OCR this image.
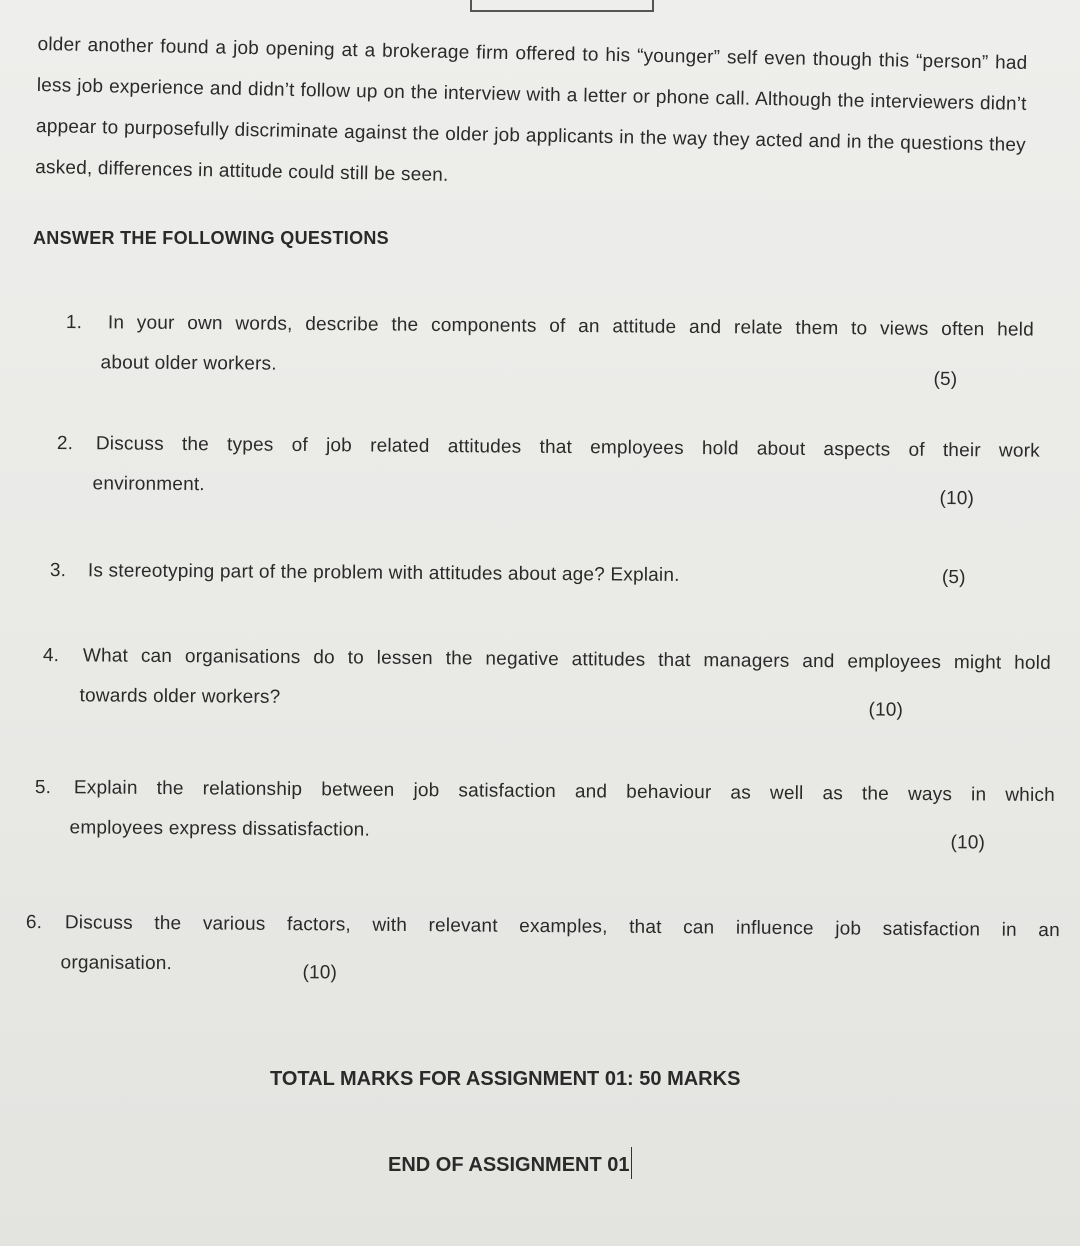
older another found a job opening at a brokerage firm offered to his “younger” self even though this “person” had less job experience and didn’t follow up on the interview with a letter or phone call. Although the interviewers didn’t appear to purposefully discriminate against the older job applicants in the way they acted and in the questions they asked, differences in attitude could still be seen.
ANSWER THE FOLLOWING QUESTIONS
1. In your own words, describe the components of an attitude and relate them to views often held
about older workers.
(5)
2. Discuss the types of job related attitudes that employees hold about aspects of their work
environment.
(10)
3. Is stereotyping part of the problem with attitudes about age? Explain.	(5)
4. What can organisations do to lessen the negative attitudes that managers and employees might hold
towards older workers?
(10)
5. Explain the relationship between job satisfaction and behaviour as well as the ways in which
employees express dissatisfaction.
(10)
6. Discuss the various factors, with relevant examples, that can influence job satisfaction in an
organisation.	(10)
TOTAL MARKS FOR ASSIGNMENT 01: 50 MARKS
END OF ASSIGNMENT 01
